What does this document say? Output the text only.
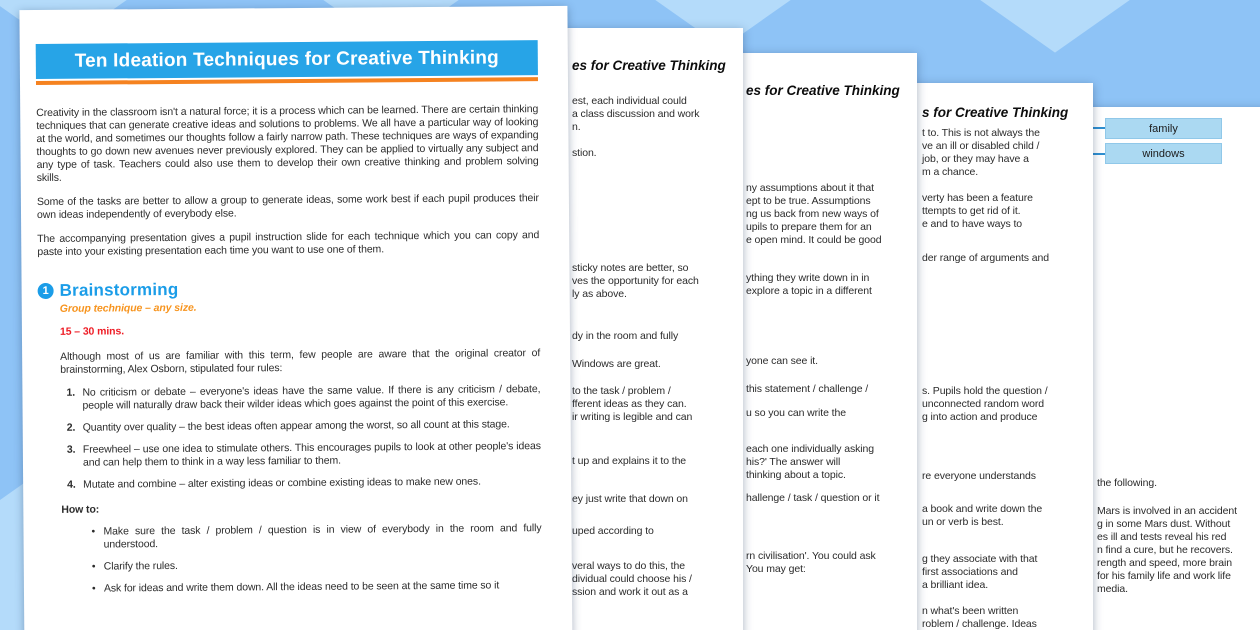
family
windows
the following.
Mars is involved in an accident
g in some Mars dust. Without
es ill and tests reveal his red
n find a cure, but he recovers.
rength and speed, more brain
for his family life and work life
media.
s for Creative Thinking
t to. This is not always the
ve an ill or disabled child /
job, or they may have a
m a chance.
verty has been a feature
ttempts to get rid of it.
e and to have ways to
der range of arguments and
s. Pupils hold the question /
unconnected random word
g into action and produce
re everyone understands
a book and write down the
un or verb is best.
g they associate with that
first associations and
a brilliant idea.
n what's been written
roblem / challenge. Ideas
es for Creative Thinking
ny assumptions about it that
ept to be true. Assumptions
ng us back from new ways of
upils to prepare them for an
e open mind. It could be good
ything they write down in in
explore a topic in a different
yone can see it.
this statement / challenge /
u so you can write the
each one individually asking
his?' The answer will
thinking about a topic.
hallenge / task / question or it
rn civilisation'. You could ask
You may get:
es for Creative Thinking
est, each individual could
a class discussion and work
n.
stion.
sticky notes are better, so
ves the opportunity for each
ly as above.
dy in the room and fully
Windows are great.
to the task / problem /
fferent ideas as they can.
ir writing is legible and can
t up and explains it to the
ey just write that down on
uped according to
veral ways to do this, the
dividual could choose his /
ssion and work it out as a
Ten Ideation Techniques for Creative Thinking

Creativity in the classroom isn't a natural force; it is a process which can be learned. There are certain thinking techniques that can generate creative ideas and solutions to problems. We all have a particular way of looking at the world, and sometimes our thoughts follow a fairly narrow path. These techniques are ways of expanding thoughts to go down new avenues never previously explored. They can be applied to virtually any subject and any type of task. Teachers could also use them to develop their own creative thinking and problem solving skills.

Some of the tasks are better to allow a group to generate ideas, some work best if each pupil produces their own ideas independently of everybody else.

The accompanying presentation gives a pupil instruction slide for each technique which you can copy and paste into your existing presentation each time you want to use one of them.

1 Brainstorming
Group technique – any size.
15 – 30 mins.

Although most of us are familiar with this term, few people are aware that the original creator of brainstorming, Alex Osborn, stipulated four rules:

No criticism or debate – everyone's ideas have the same value. If there is any criticism / debate, people will naturally draw back their wilder ideas which goes against the point of this exercise.
Quantity over quality – the best ideas often appear among the worst, so all count at this stage.
Freewheel – use one idea to stimulate others. This encourages pupils to look at other people's ideas and can help them to think in a way less familiar to them.
Mutate and combine – alter existing ideas or combine existing ideas to make new ones.
How to:
• Make sure the task / problem / question is in view of everybody in the room and fully understood.
• Clarify the rules.
• Ask for ideas and write them down. All the ideas need to be seen at the same time so it
